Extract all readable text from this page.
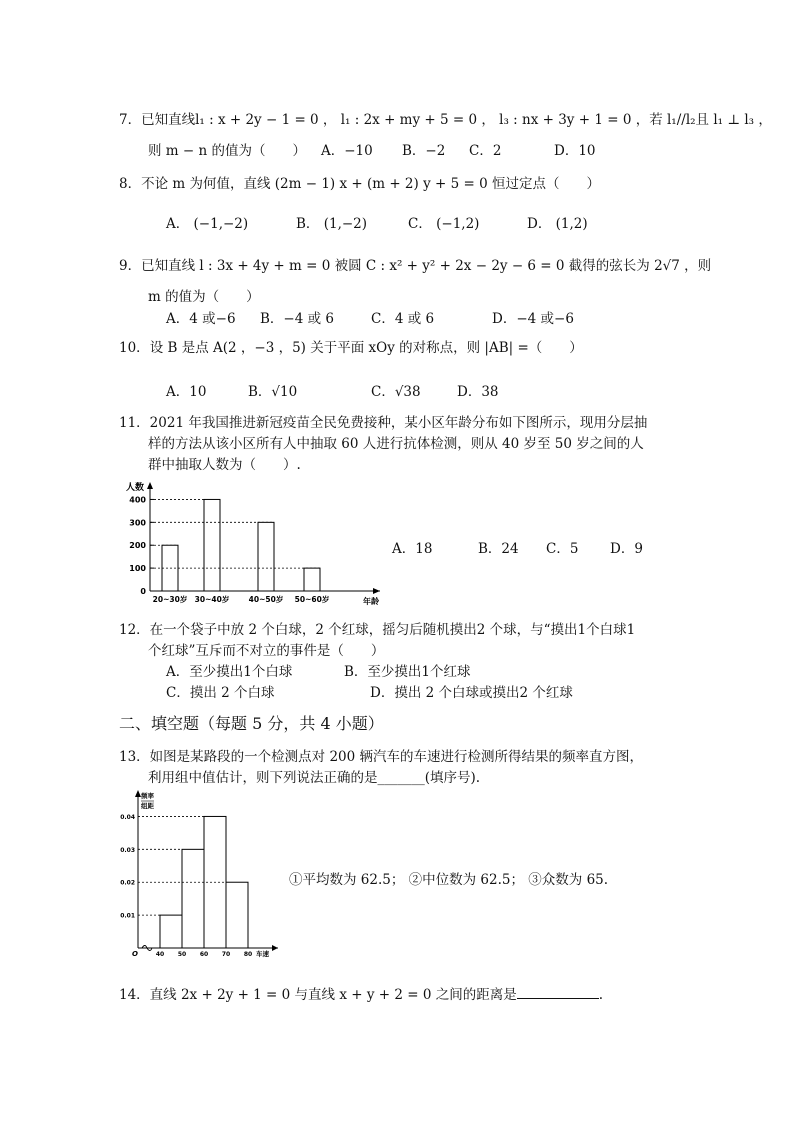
7．已知直线l₁ : x + 2y − 1 = 0 ， l₁ : 2x + my + 5 = 0 ， l₃ : nx + 3y + 1 = 0 ，若 l₁//l₂且 l₁ ⊥ l₃ ，
则 m − n 的值为（　　） A．−10 B．−2 C．2	D．10
8．不论 m 为何值，直线 (2m − 1) x + (m + 2) y + 5 = 0 恒过定点（　　）
A． (−1,−2)	B． (1,−2)	C． (−1,2)	D． (1,2)
9．已知直线 l : 3x + 4y + m = 0 被圆 C : x² + y² + 2x − 2y − 6 = 0 截得的弦长为 2√7 ，则
m 的值为（　　）
A．4 或−6 B．−4 或 6	C．4 或 6	D．−4 或−6
10．设 B 是点 A(2 ，−3 ，5) 关于平面 xOy 的对称点，则 |AB| =（　　）
A．10	B．√10	C．√38	D．38
11．2021 年我国推进新冠疫苗全民免费接种，某小区年龄分布如下图所示，现用分层抽
样的方法从该小区所有人中抽取 60 人进行抗体检测，则从 40 岁至 50 岁之间的人
群中抽取人数为（　　）.
人数
年龄
0
100
200
300
400
20~30岁 30~40岁	40~50岁 50~60岁
A．18	B．24 C．5 D．9
12．在一个袋子中放 2 个白球，2 个红球，摇匀后随机摸出2 个球，与“摸出1个白球1
个红球”互斥而不对立的事件是（　　）
A．至少摸出1个白球	B．至少摸出1个红球
C．摸出 2 个白球	D．摸出 2 个白球或摸出2 个红球
二、填空题（每题 5 分，共 4 小题）
13．如图是某路段的一个检测点对 200 辆汽车的车速进行检测所得结果的频率直方图，
利用组中值估计，则下列说法正确的是_______(填序号).
频率
组距
O	车速
0.01
0.02
0.03
0.04
40 50 60 70 80
①平均数为 62.5； ②中位数为 62.5； ③众数为 65.
14．直线 2x + 2y + 1 = 0 与直线 x + y + 2 = 0 之间的距离是	.
